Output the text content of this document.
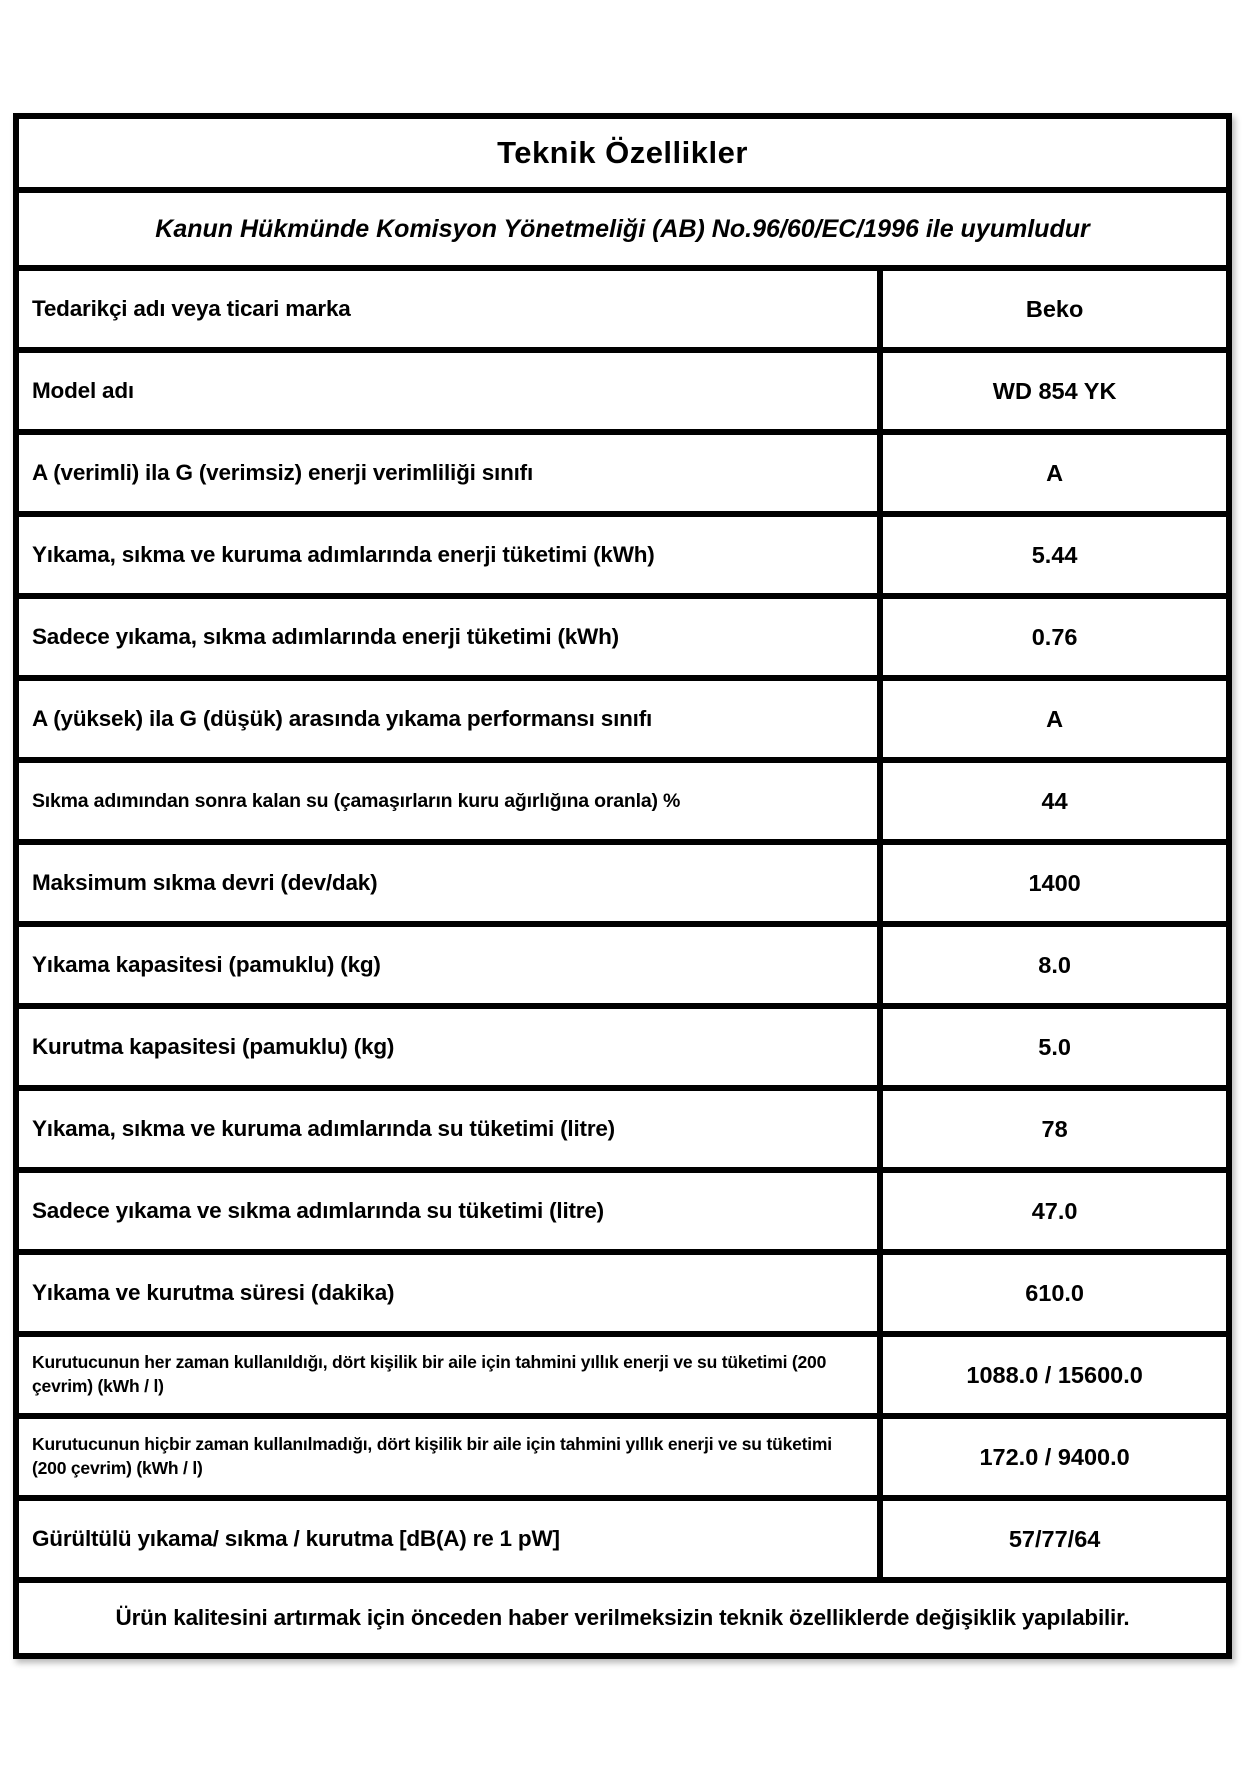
Teknik Özellikler
Kanun Hükmünde Komisyon Yönetmeliği (AB) No.96/60/EC/1996 ile uyumludur
Tedarikçi adı veya ticari marka	Beko
Model adı	WD 854 YK
A (verimli) ila G (verimsiz) enerji verimliliği sınıfı	A
Yıkama, sıkma ve kuruma adımlarında enerji tüketimi (kWh)	5.44
Sadece yıkama, sıkma adımlarında enerji tüketimi (kWh)	0.76
A (yüksek) ila G (düşük) arasında yıkama performansı sınıfı	A
Sıkma adımından sonra kalan su (çamaşırların kuru ağırlığına oranla) %	44
Maksimum sıkma devri (dev/dak)	1400
Yıkama kapasitesi (pamuklu) (kg)	8.0
Kurutma kapasitesi (pamuklu) (kg)	5.0
Yıkama, sıkma ve kuruma adımlarında su tüketimi (litre)	78
Sadece yıkama ve sıkma adımlarında su tüketimi (litre)	47.0
Yıkama ve kurutma süresi (dakika)	610.0
Kurutucunun her zaman kullanıldığı, dört kişilik bir aile için tahmini yıllık enerji ve su tüketimi (200 çevrim) (kWh / l)	1088.0 / 15600.0
Kurutucunun hiçbir zaman kullanılmadığı, dört kişilik bir aile için tahmini yıllık enerji ve su tüketimi (200 çevrim) (kWh / l)	172.0 / 9400.0
Gürültülü yıkama/ sıkma / kurutma [dB(A) re 1 pW]	57/77/64
Ürün kalitesini artırmak için önceden haber verilmeksizin teknik özelliklerde değişiklik yapılabilir.
